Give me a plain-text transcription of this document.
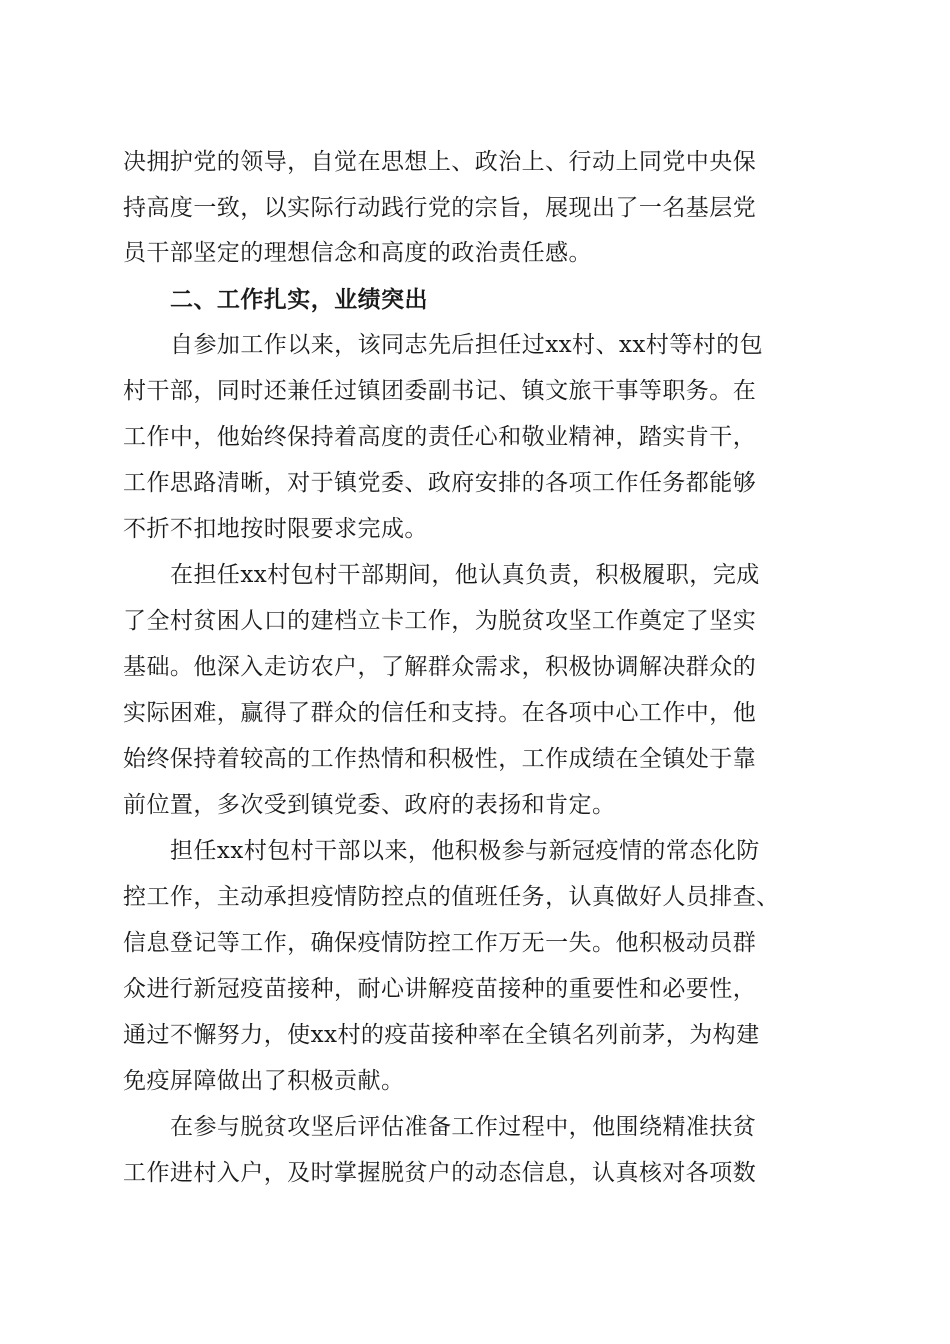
决拥护党的领导，自觉在思想上、政治上、行动上同党中央保
持高度一致，以实际行动践行党的宗旨，展现出了一名基层党
员干部坚定的理想信念和高度的政治责任感。
二、工作扎实，业绩突出
自参加工作以来，该同志先后担任过xx村、xx村等村的包
村干部，同时还兼任过镇团委副书记、镇文旅干事等职务。在
工作中，他始终保持着高度的责任心和敬业精神，踏实肯干，
工作思路清晰，对于镇党委、政府安排的各项工作任务都能够
不折不扣地按时限要求完成。
在担任xx村包村干部期间，他认真负责，积极履职，完成
了全村贫困人口的建档立卡工作，为脱贫攻坚工作奠定了坚实
基础。他深入走访农户，了解群众需求，积极协调解决群众的
实际困难，赢得了群众的信任和支持。在各项中心工作中，他
始终保持着较高的工作热情和积极性，工作成绩在全镇处于靠
前位置，多次受到镇党委、政府的表扬和肯定。
担任xx村包村干部以来，他积极参与新冠疫情的常态化防
控工作，主动承担疫情防控点的值班任务，认真做好人员排查、
信息登记等工作，确保疫情防控工作万无一失。他积极动员群
众进行新冠疫苗接种，耐心讲解疫苗接种的重要性和必要性，
通过不懈努力，使xx村的疫苗接种率在全镇名列前茅，为构建
免疫屏障做出了积极贡献。
在参与脱贫攻坚后评估准备工作过程中，他围绕精准扶贫
工作进村入户，及时掌握脱贫户的动态信息，认真核对各项数
